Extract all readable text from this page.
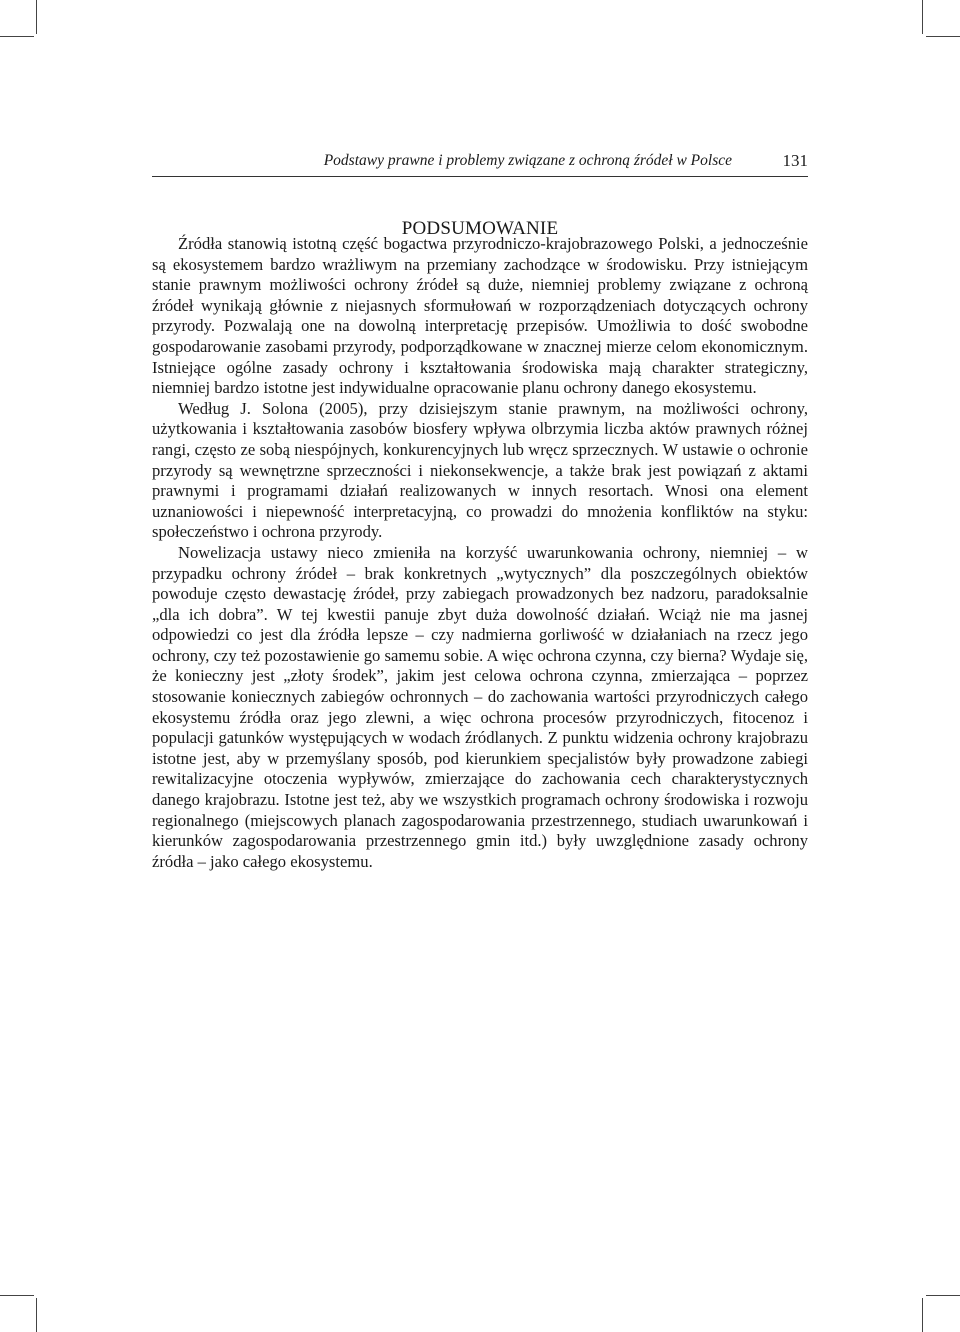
Podstawy prawne i problemy związane z ochroną źródeł w Polsce	131
PODSUMOWANIE

Źródła stanowią istotną część bogactwa przyrodniczo-krajobrazowego Polski, a jednocześnie są ekosystemem bardzo wrażliwym na przemiany zachodzące w środowisku. Przy istniejącym stanie prawnym możliwości ochrony źródeł są duże, niemniej problemy związane z ochroną źródeł wynikają głównie z niejasnych sformułowań w rozporządzeniach dotyczących ochrony przyrody. Pozwalają one na dowolną interpretację przepisów. Umożliwia to dość swobodne gospodarowanie zasobami przyrody, podporządkowane w znacznej mierze celom ekonomicznym. Istniejące ogólne zasady ochrony i kształtowania środowiska mają charakter strategiczny, niemniej bardzo istotne jest indywidualne opracowanie planu ochrony danego ekosystemu.

Według J. Solona (2005), przy dzisiejszym stanie prawnym, na możliwości ochrony, użytkowania i kształtowania zasobów biosfery wpływa olbrzymia liczba aktów prawnych różnej rangi, często ze sobą niespójnych, konkurencyjnych lub wręcz sprzecznych. W ustawie o ochronie przyrody są wewnętrzne sprzeczności i niekonsekwencje, a także brak jest powiązań z aktami prawnymi i programami działań realizowanych w innych resortach. Wnosi ona element uznaniowości i niepewność interpretacyjną, co prowadzi do mnożenia konfliktów na styku: społeczeństwo i ochrona przyrody.

Nowelizacja ustawy nieco zmieniła na korzyść uwarunkowania ochrony, niemniej – w przypadku ochrony źródeł – brak konkretnych „wytycznych” dla poszczególnych obiektów powoduje często dewastację źródeł, przy zabiegach prowadzonych bez nadzoru, paradoksalnie „dla ich dobra”. W tej kwestii panuje zbyt duża dowolność działań. Wciąż nie ma jasnej odpowiedzi co jest dla źródła lepsze – czy nadmierna gorliwość w działaniach na rzecz jego ochrony, czy też pozostawienie go samemu sobie. A więc ochrona czynna, czy bierna? Wydaje się, że konieczny jest „złoty środek”, jakim jest celowa ochrona czynna, zmierzająca – poprzez stosowanie koniecznych zabiegów ochronnych – do zachowania wartości przyrodniczych całego ekosystemu źródła oraz jego zlewni, a więc ochrona procesów przyrodniczych, fitocenoz i populacji gatunków występujących w wodach źródlanych. Z punktu widzenia ochrony krajobrazu istotne jest, aby w przemyślany sposób, pod kierunkiem specjalistów były prowadzone zabiegi rewitalizacyjne otoczenia wypływów, zmierzające do zachowania cech charakterystycznych danego krajobrazu. Istotne jest też, aby we wszystkich programach ochrony środowiska i rozwoju regionalnego (miejscowych planach zagospodarowania przestrzennego, studiach uwarunkowań i kierunków zagospodarowania przestrzennego gmin itd.) były uwzględnione zasady ochrony źródła – jako całego ekosystemu.
